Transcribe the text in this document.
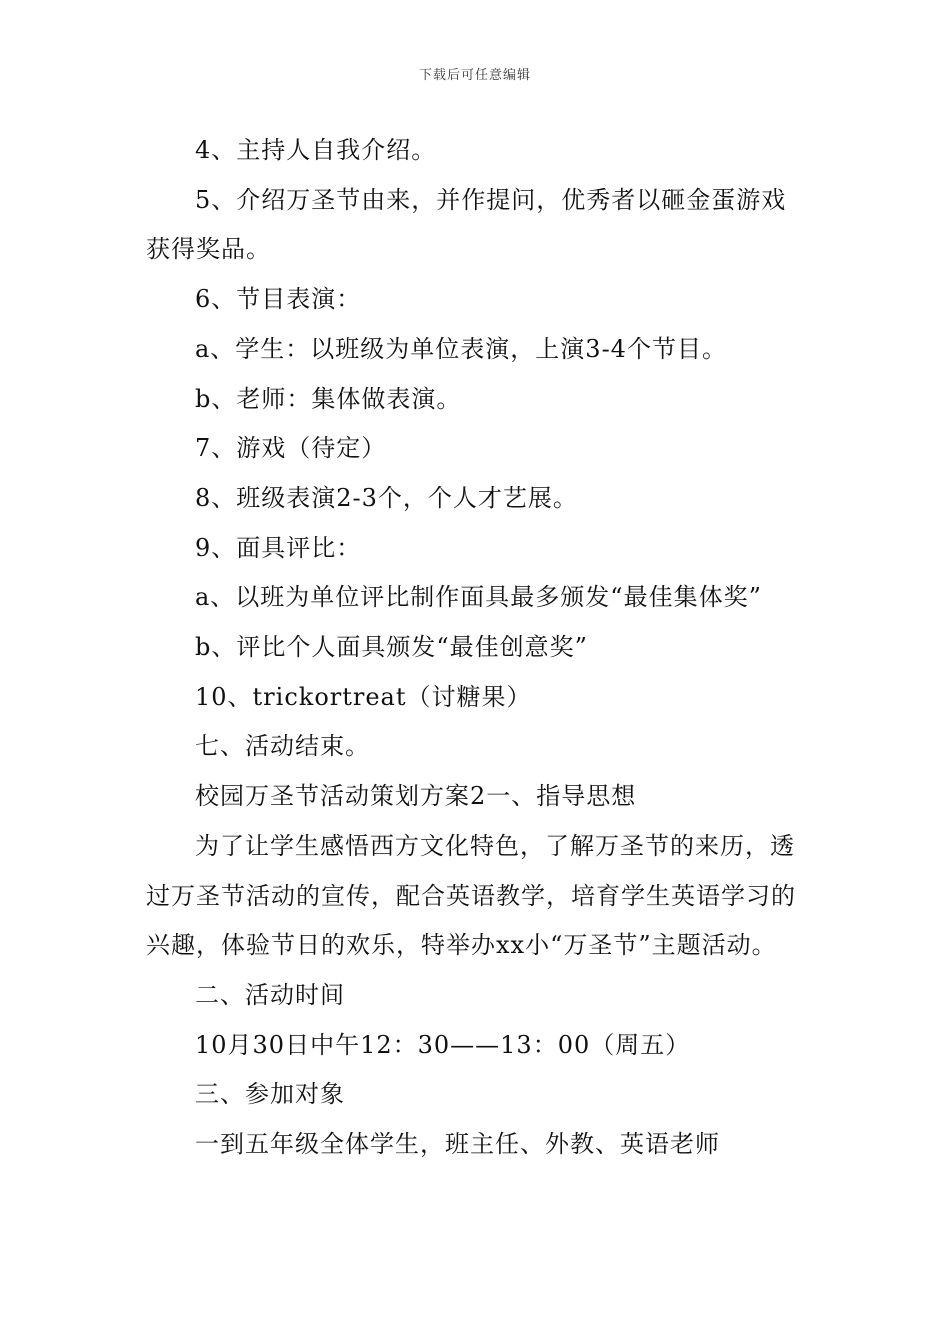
下载后可任意编辑

4、主持人自我介绍。

5、介绍万圣节由来，并作提问，优秀者以砸金蛋游戏获得奖品。

6、节目表演：

a、学生：以班级为单位表演，上演3-4个节目。

b、老师：集体做表演。

7、游戏（待定）

8、班级表演2-3个，个人才艺展。

9、面具评比：

a、以班为单位评比制作面具最多颁发“最佳集体奖”

b、评比个人面具颁发“最佳创意奖”

10、trickortreat（讨糖果）

七、活动结束。

校园万圣节活动策划方案2一、指导思想

为了让学生感悟西方文化特色，了解万圣节的来历，透过万圣节活动的宣传，配合英语教学，培育学生英语学习的兴趣，体验节日的欢乐，特举办xx小“万圣节”主题活动。

二、活动时间

10月30日中午12：30——13：00（周五）

三、参加对象

一到五年级全体学生，班主任、外教、英语老师
